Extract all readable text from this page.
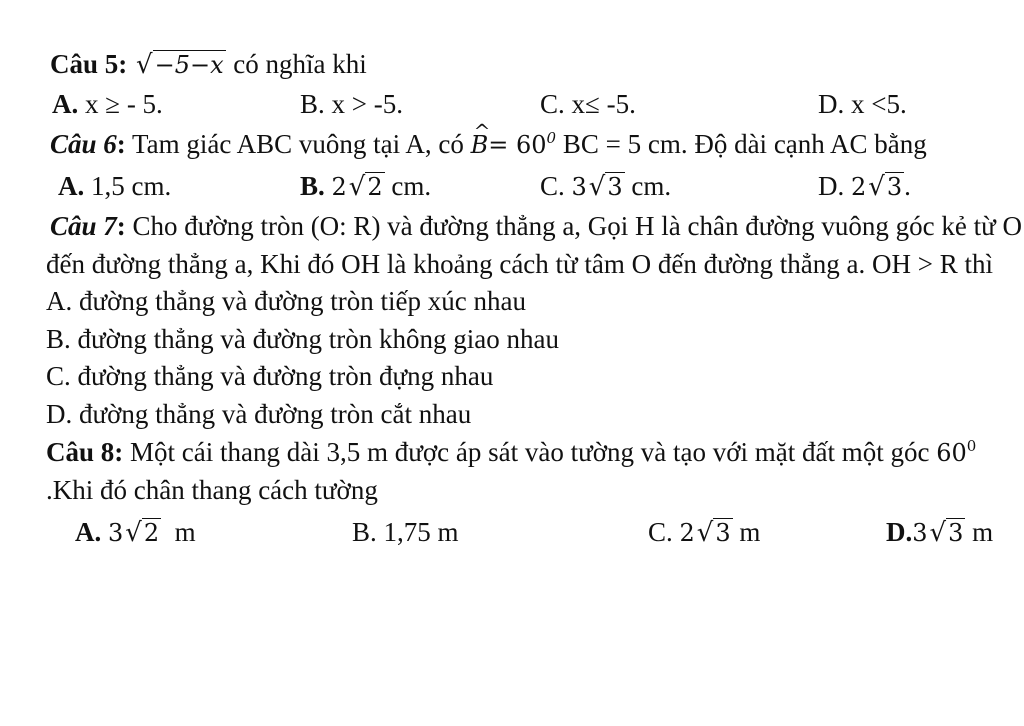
Câu 5: √−5−x có nghĩa khi
A. x ≥ - 5.	B. x > -5.	C. x≤ -5.	D. x <5.
Câu 6: Tam giác ABC vuông tại A, có ^ $B= 60^0$ BC = 5 cm. Độ dài cạnh AC bằng
A. 1,5 cm.	B. 2√2 cm.	C. 3√3 cm.	D. 2√3.
Câu 7: Cho đường tròn (O: R) và đường thẳng a, Gọi H là chân đường vuông góc kẻ từ O
đến đường thẳng a, Khi đó OH là khoảng cách từ tâm O đến đường thẳng a. OH > R thì
A. đường thẳng và đường tròn tiếp xúc nhau
B. đường thẳng và đường tròn không giao nhau
C. đường thẳng và đường tròn đựng nhau
D. đường thẳng và đường tròn cắt nhau
Câu 8: Một cái thang dài 3,5 m được áp sát vào tường và tạo với mặt đất một góc $60^0$
.Khi đó chân thang cách tường
A. 3√2 m	B. 1,75 m	C. 2√3 m	D.3√3 m
